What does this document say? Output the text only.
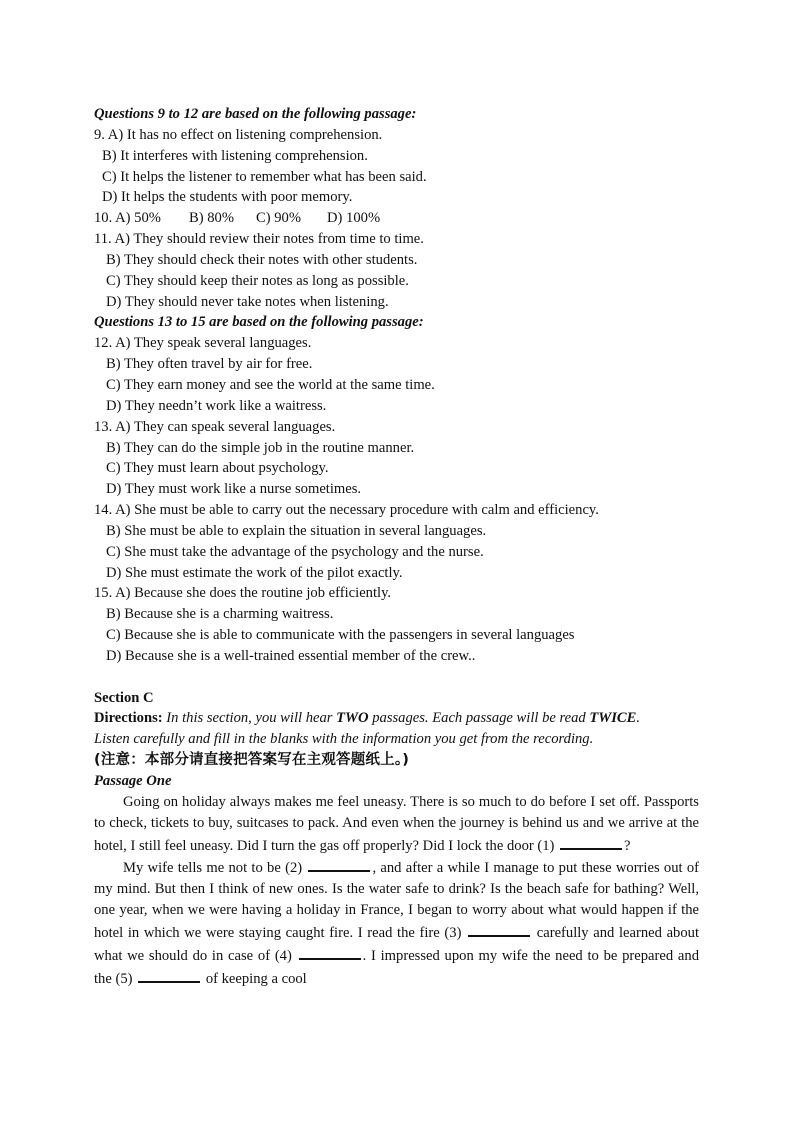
Questions 9 to 12 are based on the following passage:
9. A) It has no effect on listening comprehension.
B) It interferes with listening comprehension.
C) It helps the listener to remember what has been said.
D) It helps the students with poor memory.
10. A) 50% B) 80% C) 90% D) 100%
11. A) They should review their notes from time to time.
B) They should check their notes with other students.
C) They should keep their notes as long as possible.
D) They should never take notes when listening.
Questions 13 to 15 are based on the following passage:
12. A) They speak several languages.
B) They often travel by air for free.
C) They earn money and see the world at the same time.
D) They needn’t work like a waitress.
13. A) They can speak several languages.
B) They can do the simple job in the routine manner.
C) They must learn about psychology.
D) They must work like a nurse sometimes.
14. A) She must be able to carry out the necessary procedure with calm and efficiency.
B) She must be able to explain the situation in several languages.
C) She must take the advantage of the psychology and the nurse.
D) She must estimate the work of the pilot exactly.
15. A) Because she does the routine job efficiently.
B) Because she is a charming waitress.
C) Because she is able to communicate with the passengers in several languages
D) Because she is a well-trained essential member of the crew..
Section C
Directions: In this section, you will hear TWO passages. Each passage will be read TWICE.
Listen carefully and fill in the blanks with the information you get from the recording.
(注意：本部分请直接把答案写在主观答题纸上。)
Passage One

Going on holiday always makes me feel uneasy. There is so much to do before I set off. Passports to check, tickets to buy, suitcases to pack. And even when the journey is behind us and we arrive at the hotel, I still feel uneasy. Did I turn the gas off properly? Did I lock the door (1)	?

My wife tells me not to be (2)	, and after a while I manage to put these worries out of my mind. But then I think of new ones. Is the water safe to drink? Is the beach safe for bathing? Well, one year, when we were having a holiday in France, I began to worry about what would happen if the hotel in which we were staying caught fire. I read the fire (3)	carefully and learned about what we should do in case of (4)	. I impressed upon my wife the need to be prepared and the (5)	of keeping a cool
